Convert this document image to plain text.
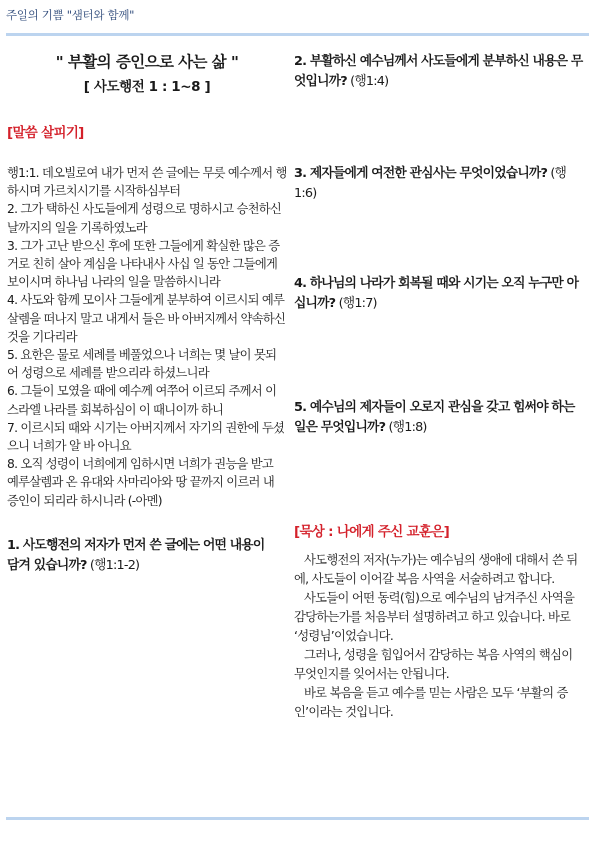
주일의 기쁨 "샘터와 함께"
" 부활의 증인으로 사는 삶 "
[ 사도행전 1 : 1~8 ]
[말씀 살피기]

행1:1. 데오빌로여 내가 먼저 쓴 글에는 무릇 예수께서 행하시며 가르치시기를 시작하심부터

2. 그가 택하신 사도들에게 성령으로 명하시고 승천하신 날까지의 일을 기록하였노라

3. 그가 고난 받으신 후에 또한 그들에게 확실한 많은 증거로 친히 살아 계심을 나타내사 사십 일 동안 그들에게 보이시며 하나님 나라의 일을 말씀하시니라

4. 사도와 함께 모이사 그들에게 분부하여 이르시되 예루살렘을 떠나지 말고 내게서 들은 바 아버지께서 약속하신 것을 기다리라

5. 요한은 물로 세례를 베풀었으나 너희는 몇 날이 못되어 성령으로 세례를 받으리라 하셨느니라

6. 그들이 모였을 때에 예수께 여쭈어 이르되 주께서 이스라엘 나라를 회복하심이 이 때니이까 하니

7. 이르시되 때와 시기는 아버지께서 자기의 권한에 두셨으니 너희가 알 바 아니요

8. 오직 성령이 너희에게 임하시면 너희가 권능을 받고 예루살렘과 온 유대와 사마리아와 땅 끝까지 이르러 내 증인이 되리라 하시니라 (-아멘)

1. 사도행전의 저자가 먼저 쓴 글에는 어떤 내용이 담겨 있습니까? (행1:1-2)
2. 부활하신 예수님께서 사도들에게 분부하신 내용은 무엇입니까? (행1:4)
3. 제자들에게 여전한 관심사는 무엇이었습니까? (행1:6)
4. 하나님의 나라가 회복될 때와 시기는 오직 누구만 아십니까? (행1:7)
5. 예수님의 제자들이 오로지 관심을 갖고 힘써야 하는 일은 무엇입니까? (행1:8)
[묵상 : 나에게 주신 교훈은]

사도행전의 저자(누가)는 예수님의 생애에 대해서 쓴 뒤에, 사도들이 이어갈 복음 사역을 서술하려고 합니다.

사도들이 어떤 동력(힘)으로 예수님의 남겨주신 사역을 감당하는가를 처음부터 설명하려고 하고 있습니다. 바로 ‘성령님’이었습니다.

그러나, 성령을 힘입어서 감당하는 복음 사역의 핵심이 무엇인지를 잊어서는 안됩니다.

바로 복음을 듣고 예수를 믿는 사람은 모두 ‘부활의 증인’이라는 것입니다.
